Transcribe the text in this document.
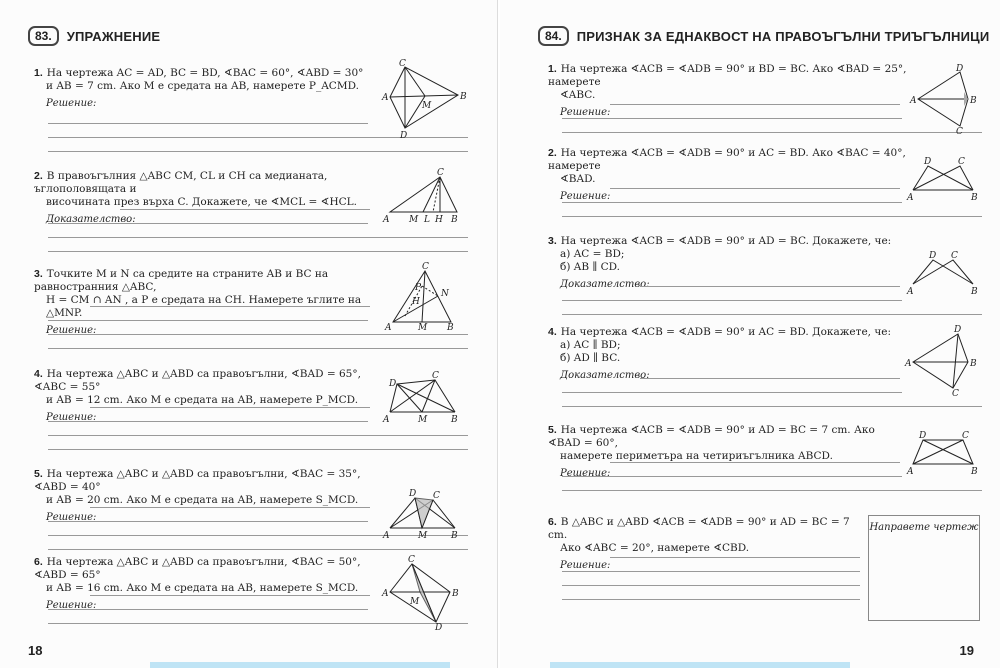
83.	УПРАЖНЕНИЕ
1. На чертежа AC = AD, BC = BD, ∢BAC = 60°, ∢ABD = 30°
и AB = 7 cm. Ако M е средата на AB, намерете P_ACMD.
Решение:
C
A	B
D
M
2. В правоъгълния △ABC CM, CL и CH са медианата, ъглополовящата и
височината през върха C. Докажете, че ∢MCL = ∢HCL.
Доказателство:
C
A M L H B
3. Точките M и N са средите на страните AB и BC на равностранния △ABC,
H = CM ∩ AN , а P е средата на CH. Намерете ъглите на △MNP.
Решение:
C
A	M B
N
P
H
4. На чертежа △ABC и △ABD са правоъгълни, ∢BAD = 65°, ∢ABC = 55°
и AB = 12 cm. Ако M е средата на AB, намерете P_MCD.
Решение:
D
C
A	M	B
5. На чертежа △ABC и △ABD са правоъгълни, ∢BAC = 35°, ∢ABD = 40°
и AB = 20 cm. Ако M е средата на AB, намерете S_MCD.
Решение:
D C
A	M	B
6. На чертежа △ABC и △ABD са правоъгълни, ∢BAC = 50°, ∢ABD = 65°
и AB = 16 cm. Ако M е средата на AB, намерете S_MCD.
Решение:
C
A	B
M
D
18
84.	ПРИЗНАК ЗА ЕДНАКВОСТ НА ПРАВОЪГЪЛНИ ТРИЪГЪЛНИЦИ
1. На чертежа ∢ACB = ∢ADB = 90° и BD = BC. Ако ∢BAD = 25°, намерете
∢ABC.
Решение:
D
A	B
C
2. На чертежа ∢ACB = ∢ADB = 90° и AC = BD. Ако ∢BAC = 40°, намерете
∢BAD.
Решение:
D	C
A	B
3. На чертежа ∢ACB = ∢ADB = 90° и AD = BC. Докажете, че:
а) AC = BD;
б) AB ∥ CD.
Доказателство:
D C
A	B
4. На чертежа ∢ACB = ∢ADB = 90° и AC = BD. Докажете, че:
а) AC ∥ BD;
б) AD ∥ BC.
Доказателство:
D
A	B
C
5. На чертежа ∢ACB = ∢ADB = 90° и AD = BC = 7 cm. Ако ∢BAD = 60°,
намерете периметъра на четириъгълника ABCD.
Решение:
D	C
A	B
6. В △ABC и △ABD ∢ACB = ∢ADB = 90° и AD = BC = 7 cm.
Ако ∢ABC = 20°, намерете ∢CBD.
Решение:
Направете чертеж
19
